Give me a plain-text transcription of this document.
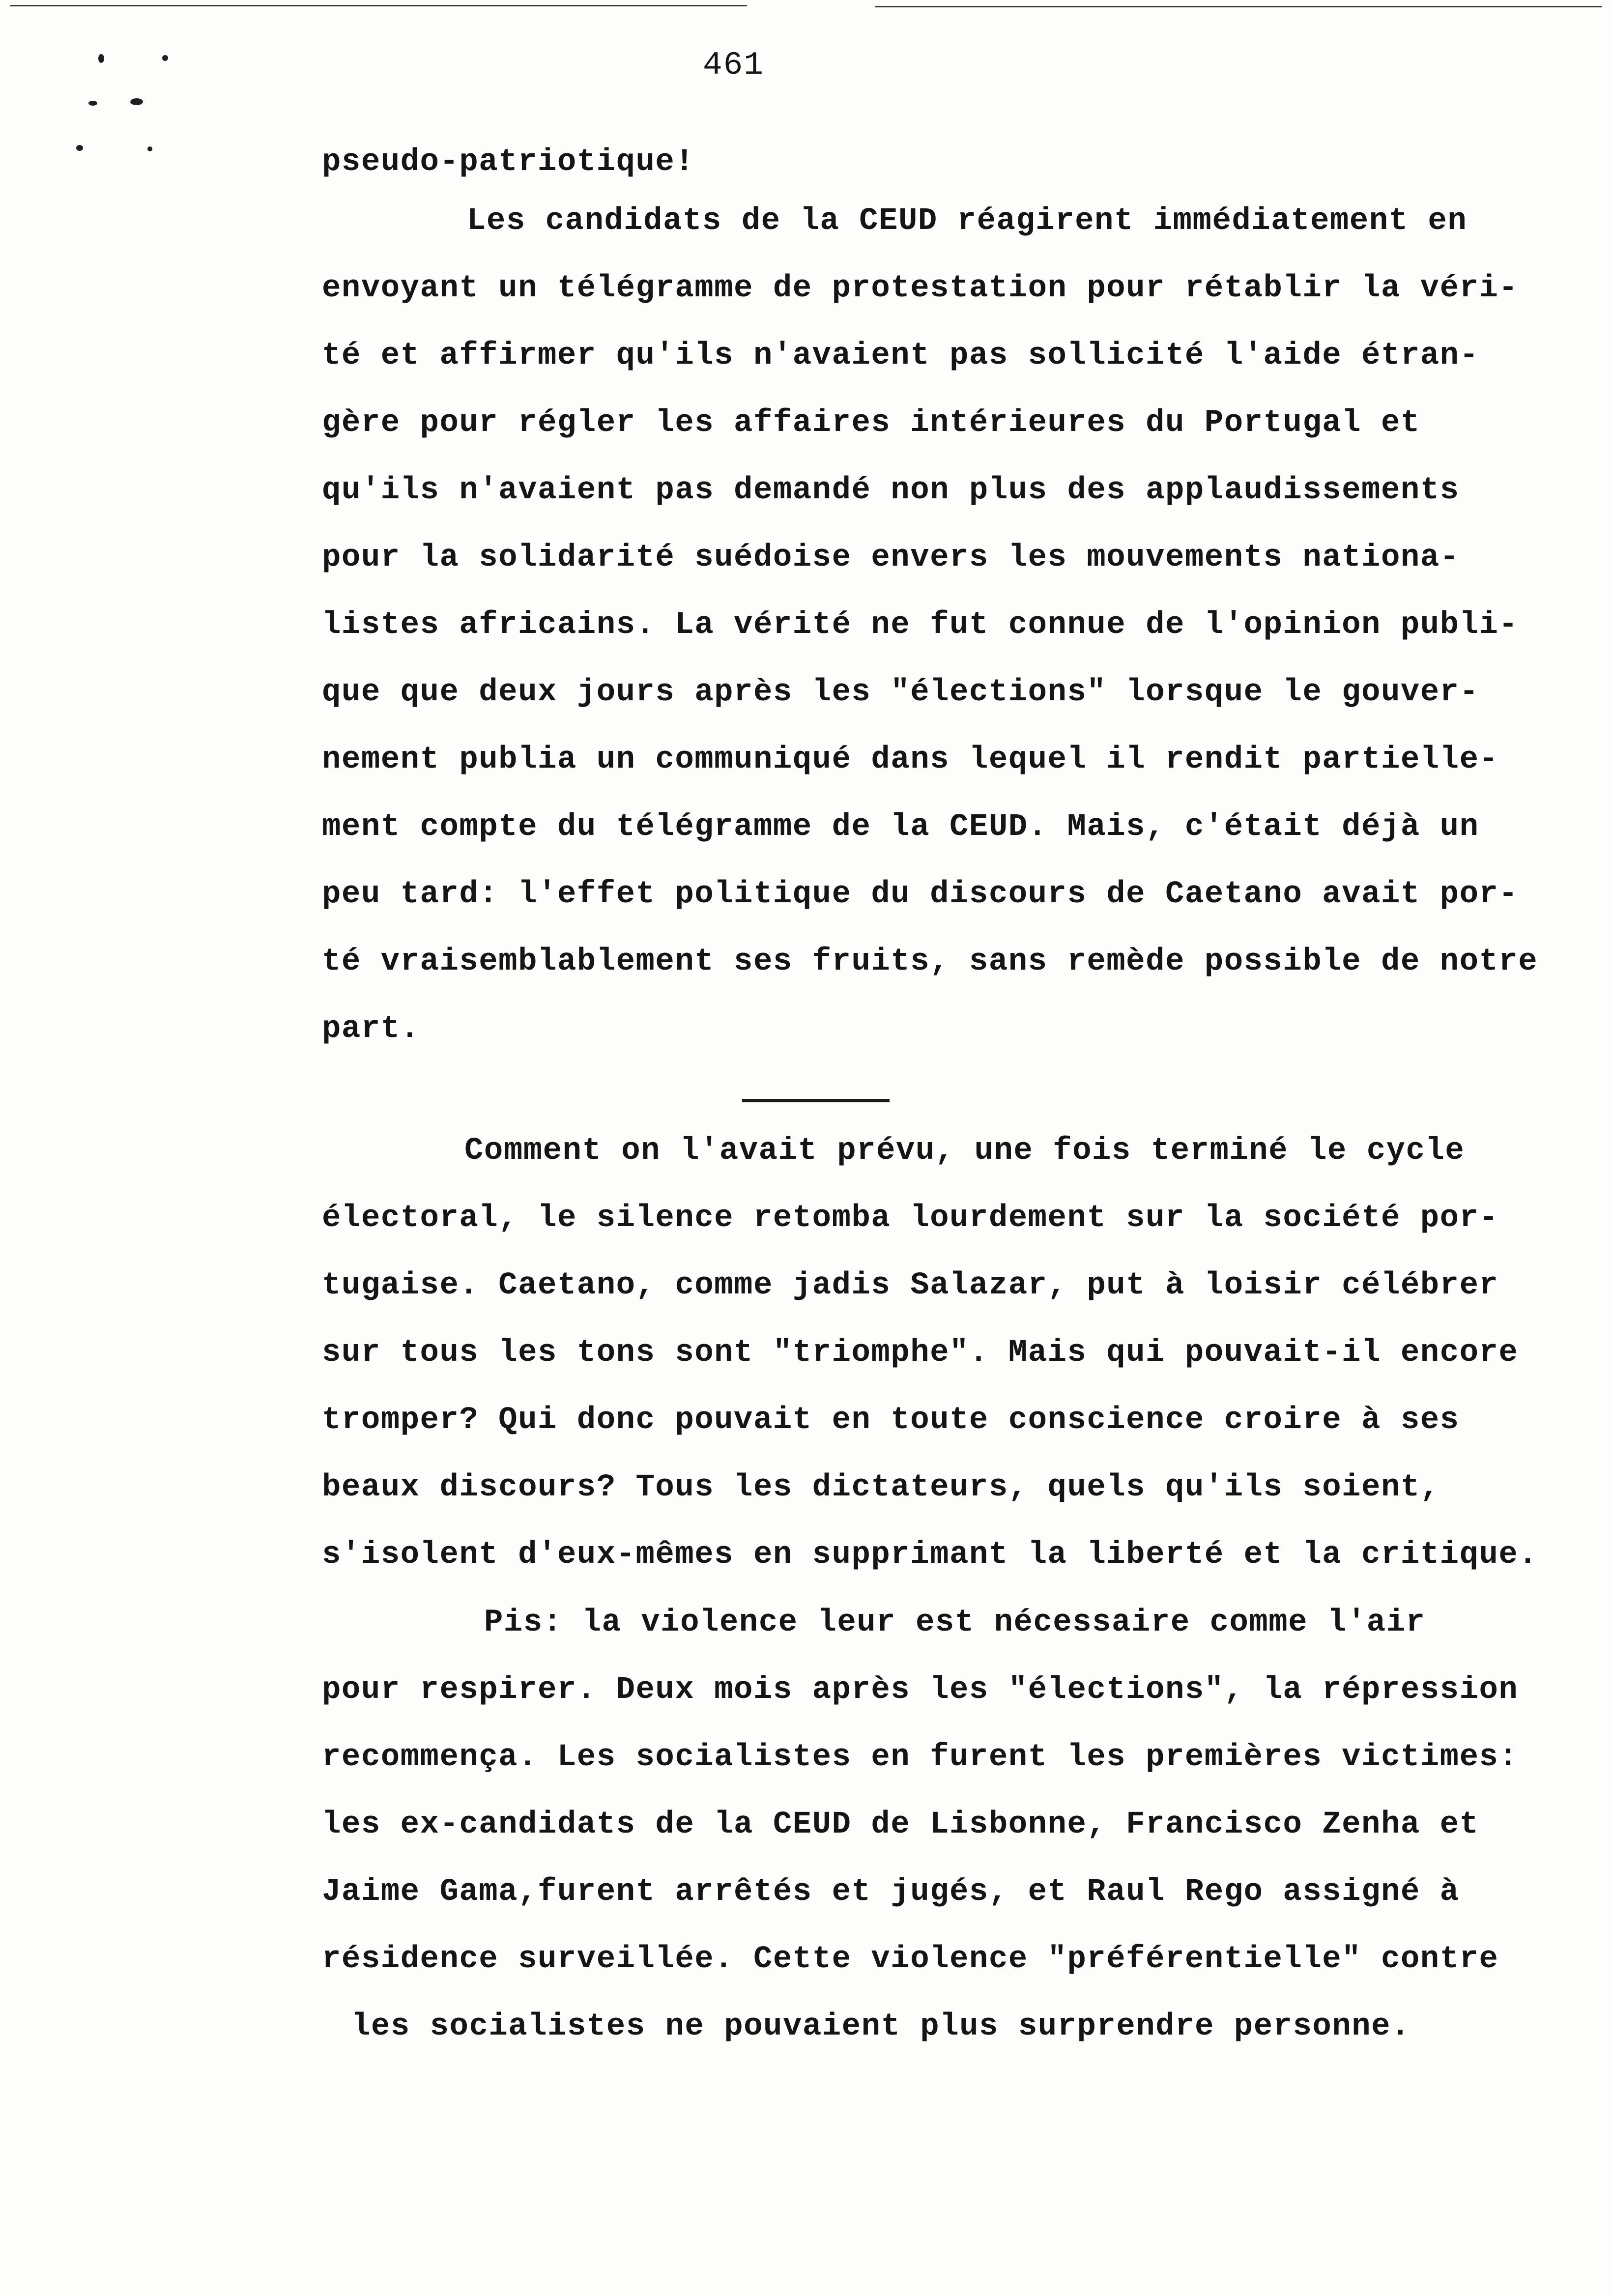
461
pseudo-patriotique!
Les candidats de la CEUD réagirent immédiatement en
envoyant un télégramme de protestation pour rétablir la véri-
té et affirmer qu'ils n'avaient pas sollicité l'aide étran-
gère pour régler les affaires intérieures du Portugal et
qu'ils n'avaient pas demandé non plus des applaudissements
pour la solidarité suédoise envers les mouvements nationa-
listes africains. La vérité ne fut connue de l'opinion publi-
que que deux jours après les "élections" lorsque le gouver-
nement publia un communiqué dans lequel il rendit partielle-
ment compte du télégramme de la CEUD. Mais, c'était déjà un
peu tard: l'effet politique du discours de Caetano avait por-
té vraisemblablement ses fruits, sans remède possible de notre
part.
Comment on l'avait prévu, une fois terminé le cycle
électoral, le silence retomba lourdement sur la société por-
tugaise. Caetano, comme jadis Salazar, put à loisir célébrer
sur tous les tons sont "triomphe". Mais qui pouvait-il encore
tromper? Qui donc pouvait en toute conscience croire à ses
beaux discours? Tous les dictateurs, quels qu'ils soient,
s'isolent d'eux-mêmes en supprimant la liberté et la critique.
Pis: la violence leur est nécessaire comme l'air
pour respirer. Deux mois après les "élections", la répression
recommença. Les socialistes en furent les premières victimes:
les ex-candidats de la CEUD de Lisbonne, Francisco Zenha et
Jaime Gama,furent arrêtés et jugés, et Raul Rego assigné à
résidence surveillée. Cette violence "préférentielle" contre
les socialistes ne pouvaient plus surprendre personne.
